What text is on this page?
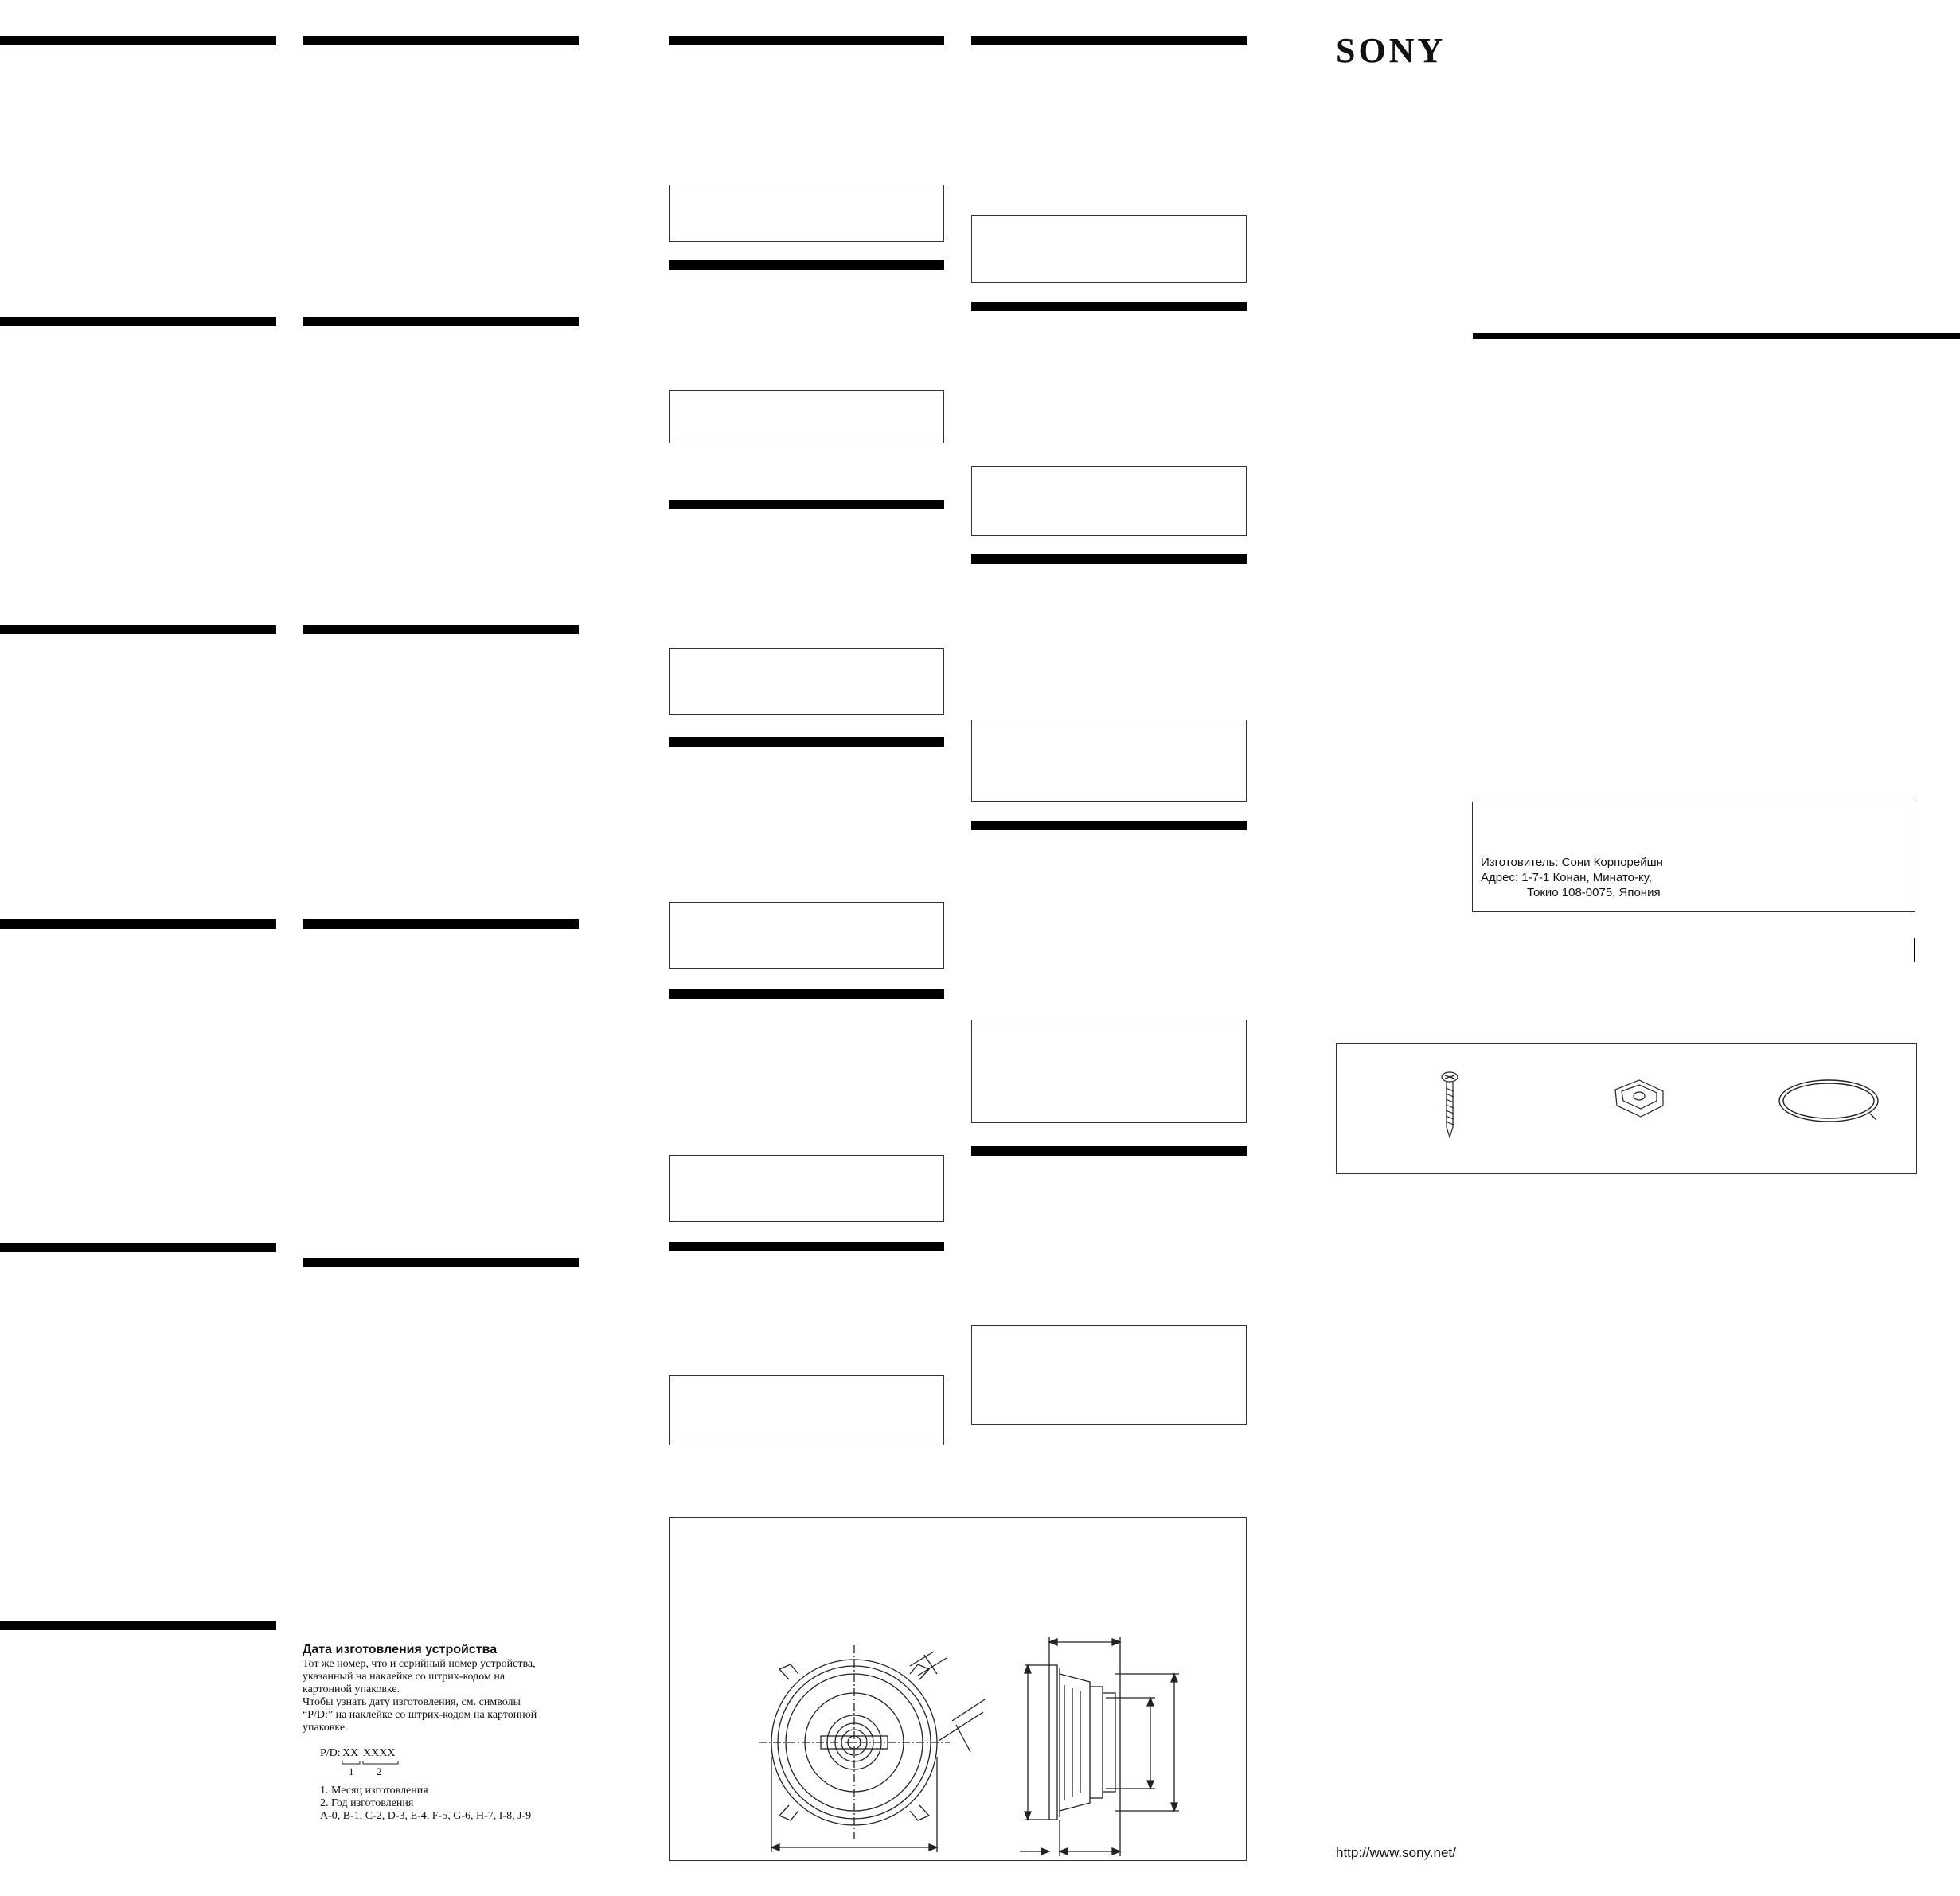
Дата изготовления устройства
Тот же номер, что и серийный номер устройства,
указанный на наклейке со штрих-кодом на
картонной упаковке.
Чтобы узнать дату изготовления, см. символы
“P/D:” на наклейке со штрих-кодом на картонной
упаковке.
P/D: XX XXXX
1 2
1. Месяц изготовления
2. Год изготовления
A-0, B-1, C-2, D-3, E-4, F-5, G-6, H-7, I-8, J-9
SONY
Изготовитель: Сони Корпорейшн
Адрес: 1-7-1 Конан, Минато-ку,
Токио 108-0075, Япония
http://www.sony.net/
